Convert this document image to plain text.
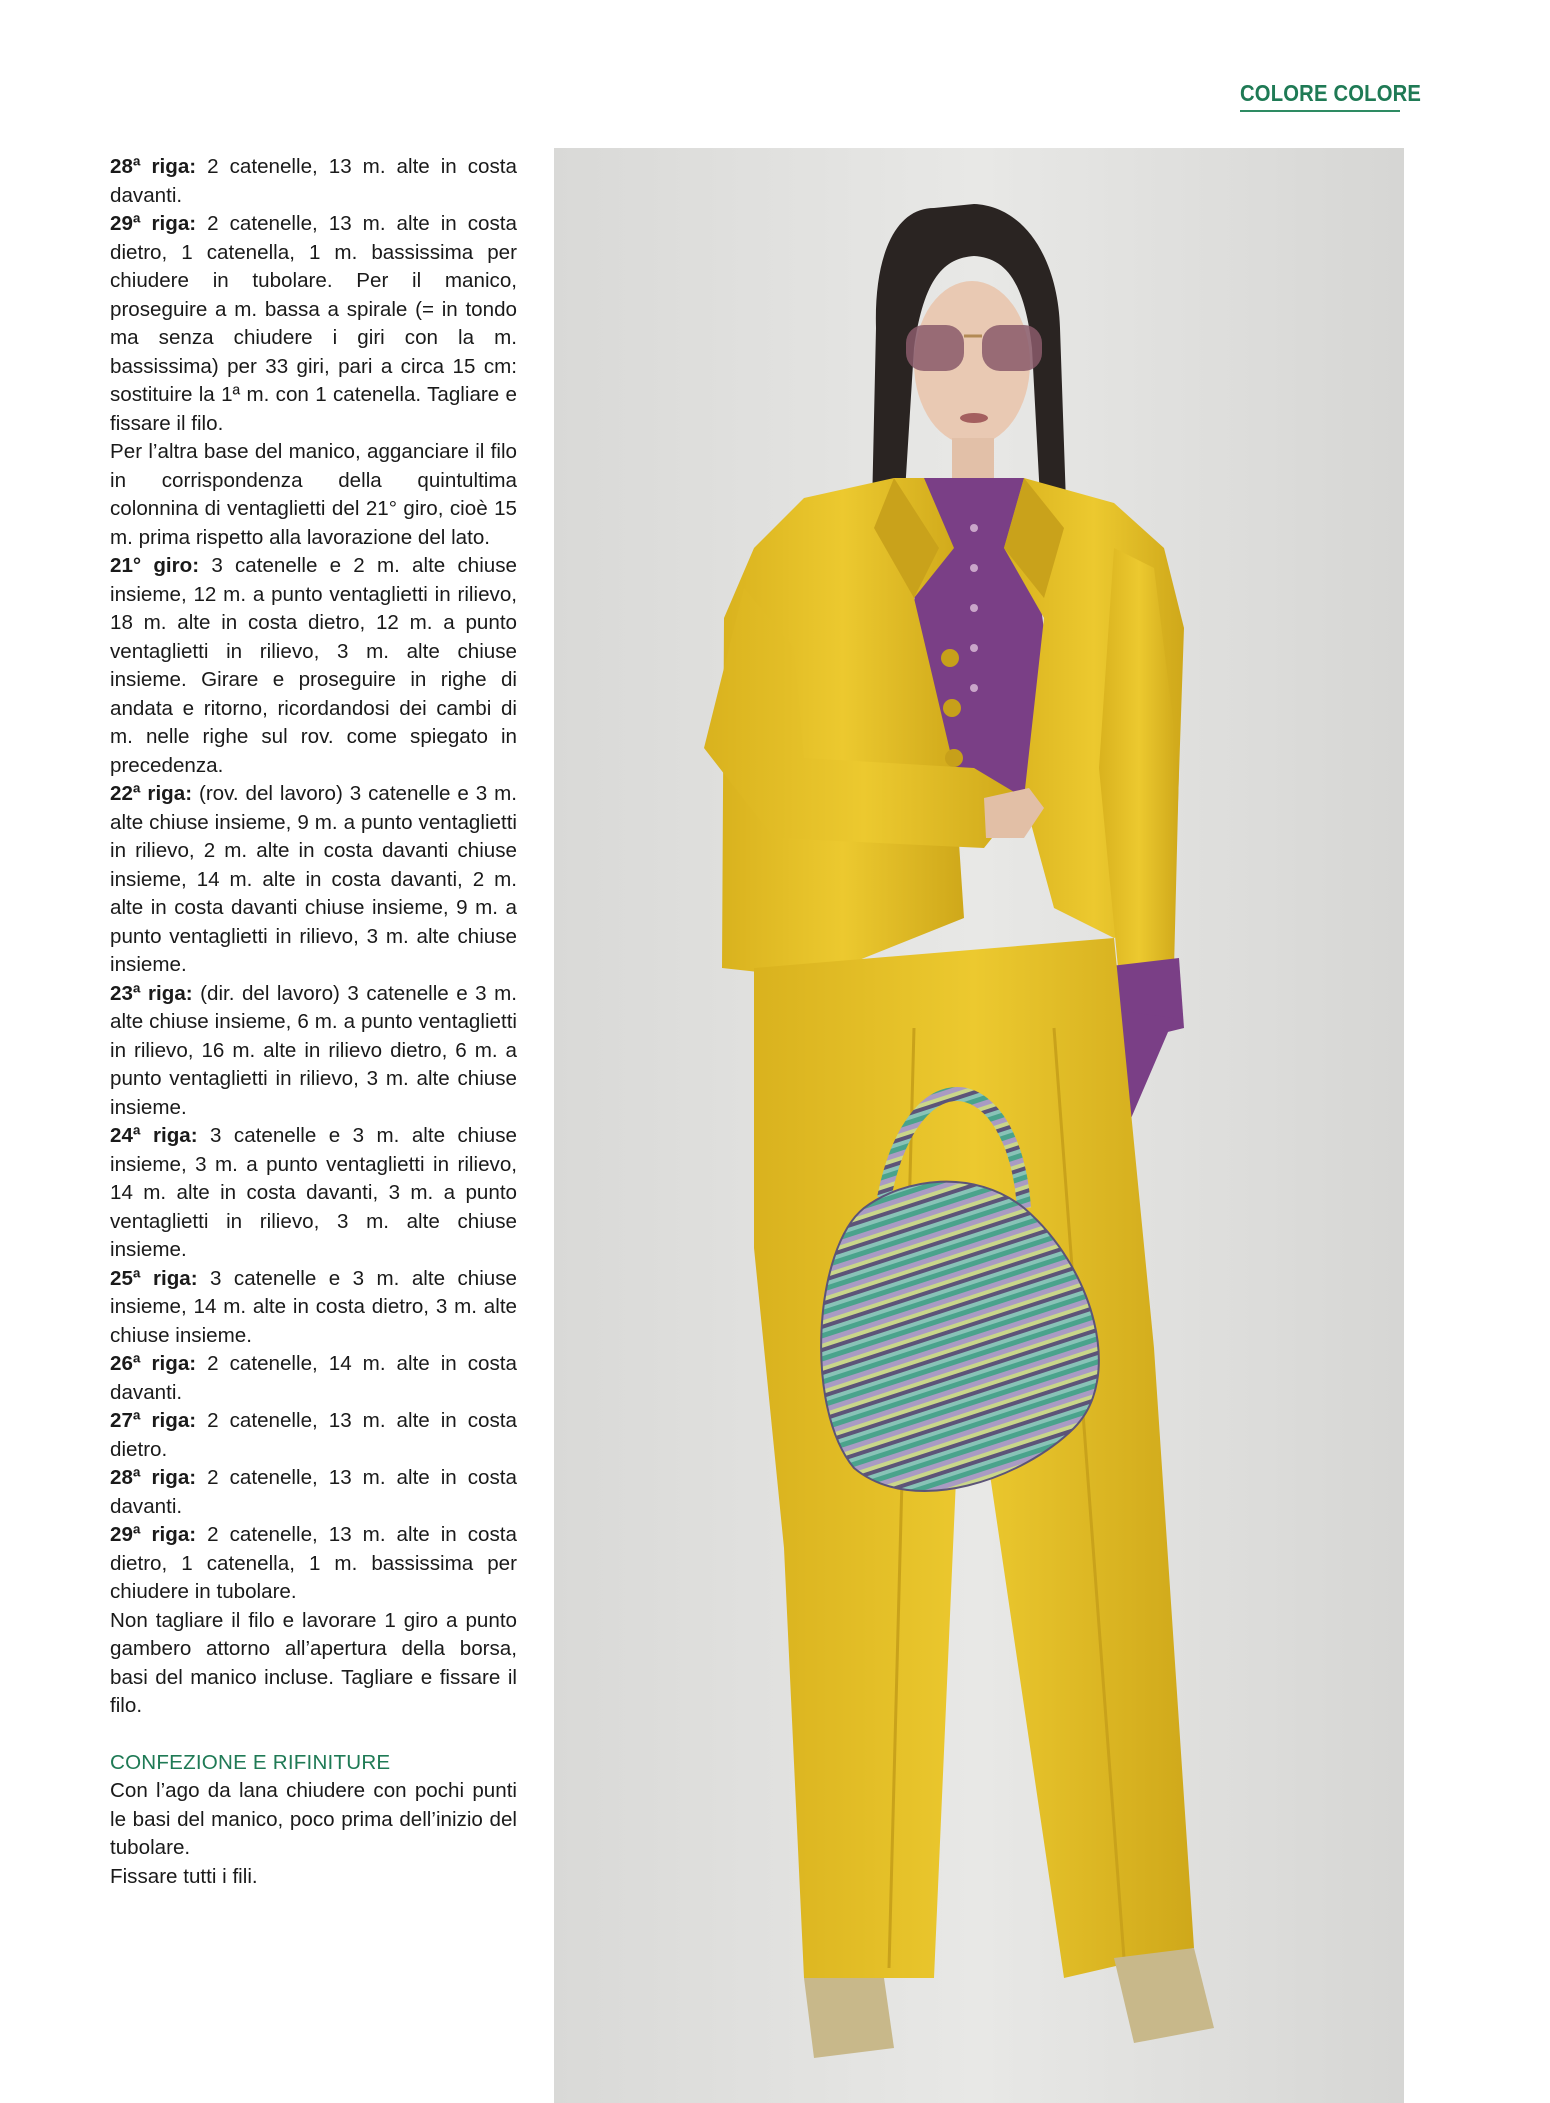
COLORE COLORE

28ª riga: 2 catenelle, 13 m. alte in costa davanti.

29ª riga: 2 catenelle, 13 m. alte in costa dietro, 1 catenella, 1 m. bassissima per chiudere in tubolare. Per il manico, proseguire a m. bassa a spirale (= in tondo ma senza chiudere i giri con la m. bassissima) per 33 giri, pari a circa 15 cm: sostituire la 1ª m. con 1 catenella. Tagliare e fissare il filo.

Per l’altra base del manico, agganciare il filo in corrispondenza della quintultima colonnina di ventaglietti del 21° giro, cioè 15 m. prima rispetto alla lavorazione del lato.

21° giro: 3 catenelle e 2 m. alte chiuse insieme, 12 m. a punto ventaglietti in rilievo, 18 m. alte in costa dietro, 12 m. a punto ventaglietti in rilievo, 3 m. alte chiuse insieme. Girare e proseguire in righe di andata e ritorno, ricordandosi dei cambi di m. nelle righe sul rov. come spiegato in precedenza.

22ª riga: (rov. del lavoro) 3 catenelle e 3 m. alte chiuse insieme, 9 m. a punto ventaglietti in rilievo, 2 m. alte in costa davanti chiuse insieme, 14 m. alte in costa davanti, 2 m. alte in costa davanti chiuse insieme, 9 m. a punto ventaglietti in rilievo, 3 m. alte chiuse insieme.

23ª riga: (dir. del lavoro) 3 catenelle e 3 m. alte chiuse insieme, 6 m. a punto ventaglietti in rilievo, 16 m. alte in rilievo dietro, 6 m. a punto ventaglietti in rilievo, 3 m. alte chiuse insieme.

24ª riga: 3 catenelle e 3 m. alte chiuse insieme, 3 m. a punto ventaglietti in rilievo, 14 m. alte in costa davanti, 3 m. a punto ventaglietti in rilievo, 3 m. alte chiuse insieme.

25ª riga: 3 catenelle e 3 m. alte chiuse insieme, 14 m. alte in costa dietro, 3 m. alte chiuse insieme.

26ª riga: 2 catenelle, 14 m. alte in costa davanti.

27ª riga: 2 catenelle, 13 m. alte in costa dietro.

28ª riga: 2 catenelle, 13 m. alte in costa davanti.

29ª riga: 2 catenelle, 13 m. alte in costa dietro, 1 catenella, 1 m. bassissima per chiudere in tubolare.

Non tagliare il filo e lavorare 1 giro a punto gambero attorno all’apertura della borsa, basi del manico incluse. Tagliare e fissare il filo.

CONFEZIONE E RIFINITURE

Con l’ago da lana chiudere con pochi punti le basi del manico, poco prima dell’inizio del tubolare.

Fissare tutti i fili.
